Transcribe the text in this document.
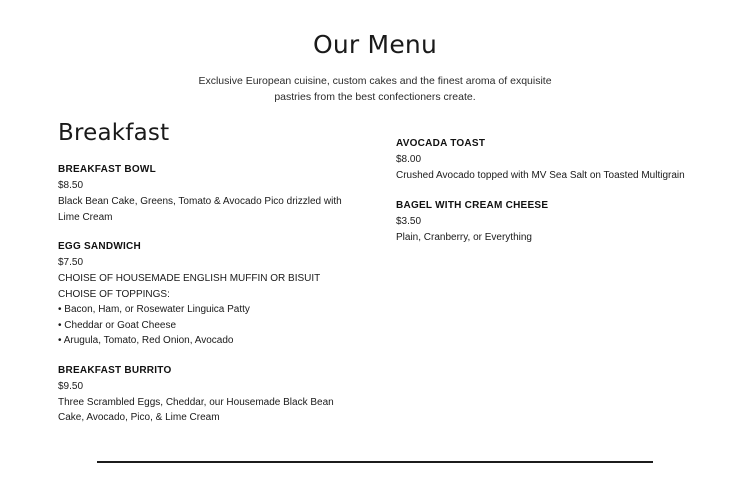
Our Menu

Exclusive European cuisine, custom cakes and the finest aroma of exquisite pastries from the best confectioners create.

Breakfast
BREAKFAST BOWL
$8.50
Black Bean Cake, Greens, Tomato & Avocado Pico drizzled with Lime Cream
EGG SANDWICH
$7.50
CHOISE OF HOUSEMADE ENGLISH MUFFIN OR BISUIT CHOISE OF TOPPINGS:
• Bacon, Ham, or Rosewater Linguica Patty
• Cheddar or Goat Cheese
• Arugula, Tomato, Red Onion, Avocado
BREAKFAST BURRITO
$9.50
Three Scrambled Eggs, Cheddar, our Housemade Black Bean Cake, Avocado, Pico, & Lime Cream
AVOCADA TOAST
$8.00
Crushed Avocado topped with MV Sea Salt on Toasted Multigrain
BAGEL WITH CREAM CHEESE
$3.50
Plain, Cranberry, or Everything
